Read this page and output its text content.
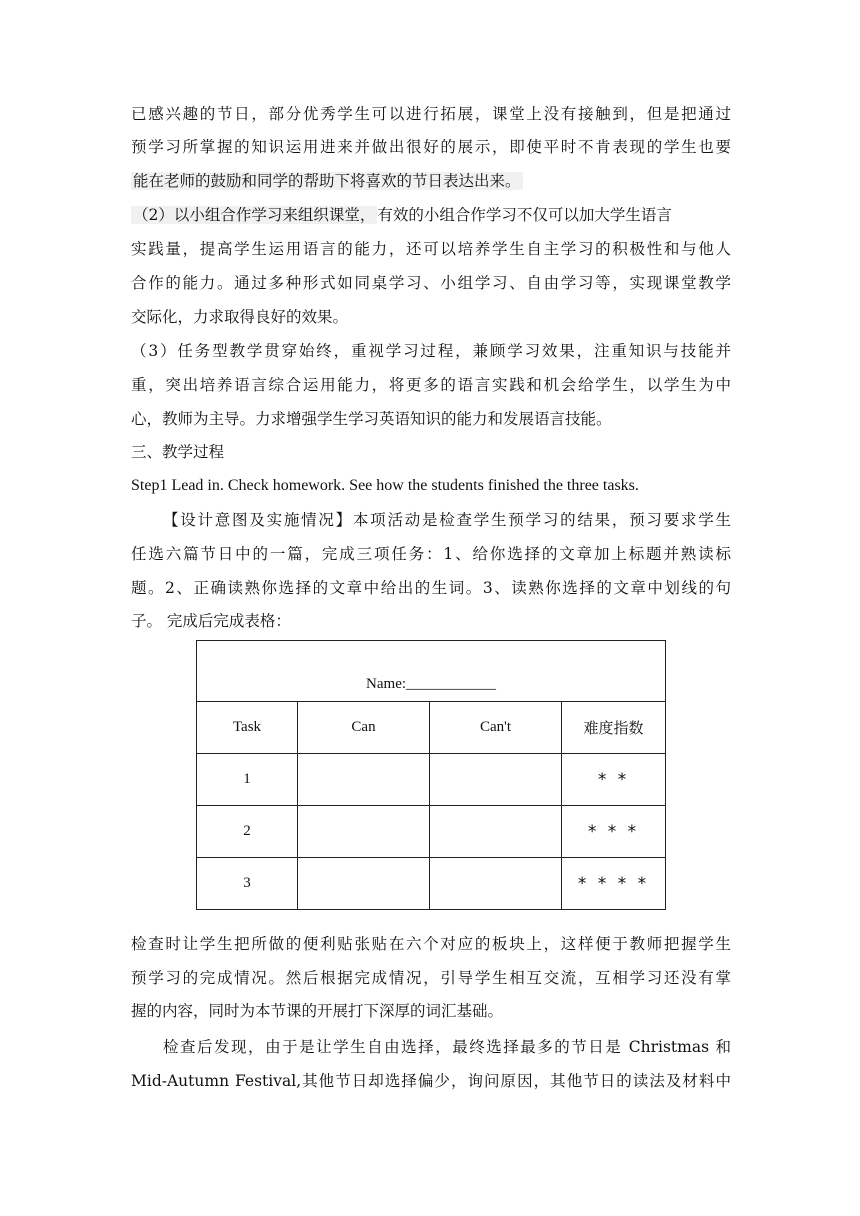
已感兴趣的节日，部分优秀学生可以进行拓展，课堂上没有接触到，但是把通过
预学习所掌握的知识运用进来并做出很好的展示，即使平时不肯表现的学生也要
能在老师的鼓励和同学的帮助下将喜欢的节日表达出来。
（2）以小组合作学习来组织课堂， 有效的小组合作学习不仅可以加大学生语言
实践量，提高学生运用语言的能力，还可以培养学生自主学习的积极性和与他人
合作的能力。通过多种形式如同桌学习、小组学习、自由学习等，实现课堂教学
交际化，力求取得良好的效果。
（3）任务型教学贯穿始终，重视学习过程，兼顾学习效果，注重知识与技能并
重，突出培养语言综合运用能力，将更多的语言实践和机会给学生，以学生为中
心，教师为主导。力求增强学生学习英语知识的能力和发展语言技能。
三、教学过程
Step1 Lead in. Check homework. See how the students finished the three tasks.
【设计意图及实施情况】本项活动是检查学生预学习的结果，预习要求学生
任选六篇节日中的一篇，完成三项任务：1、给你选择的文章加上标题并熟读标
题。2、正确读熟你选择的文章中给出的生词。3、读熟你选择的文章中划线的句
子。 完成后完成表格：
Name:____________			
Task	Can	Can't	难度指数
1			* *
2			* * *
3			* * * *
检查时让学生把所做的便利贴张贴在六个对应的板块上，这样便于教师把握学生
预学习的完成情况。然后根据完成情况，引导学生相互交流，互相学习还没有掌
握的内容，同时为本节课的开展打下深厚的词汇基础。
检查后发现，由于是让学生自由选择，最终选择最多的节日是 Christmas 和
Mid-Autumn Festival,其他节日却选择偏少，询问原因，其他节日的读法及材料中
